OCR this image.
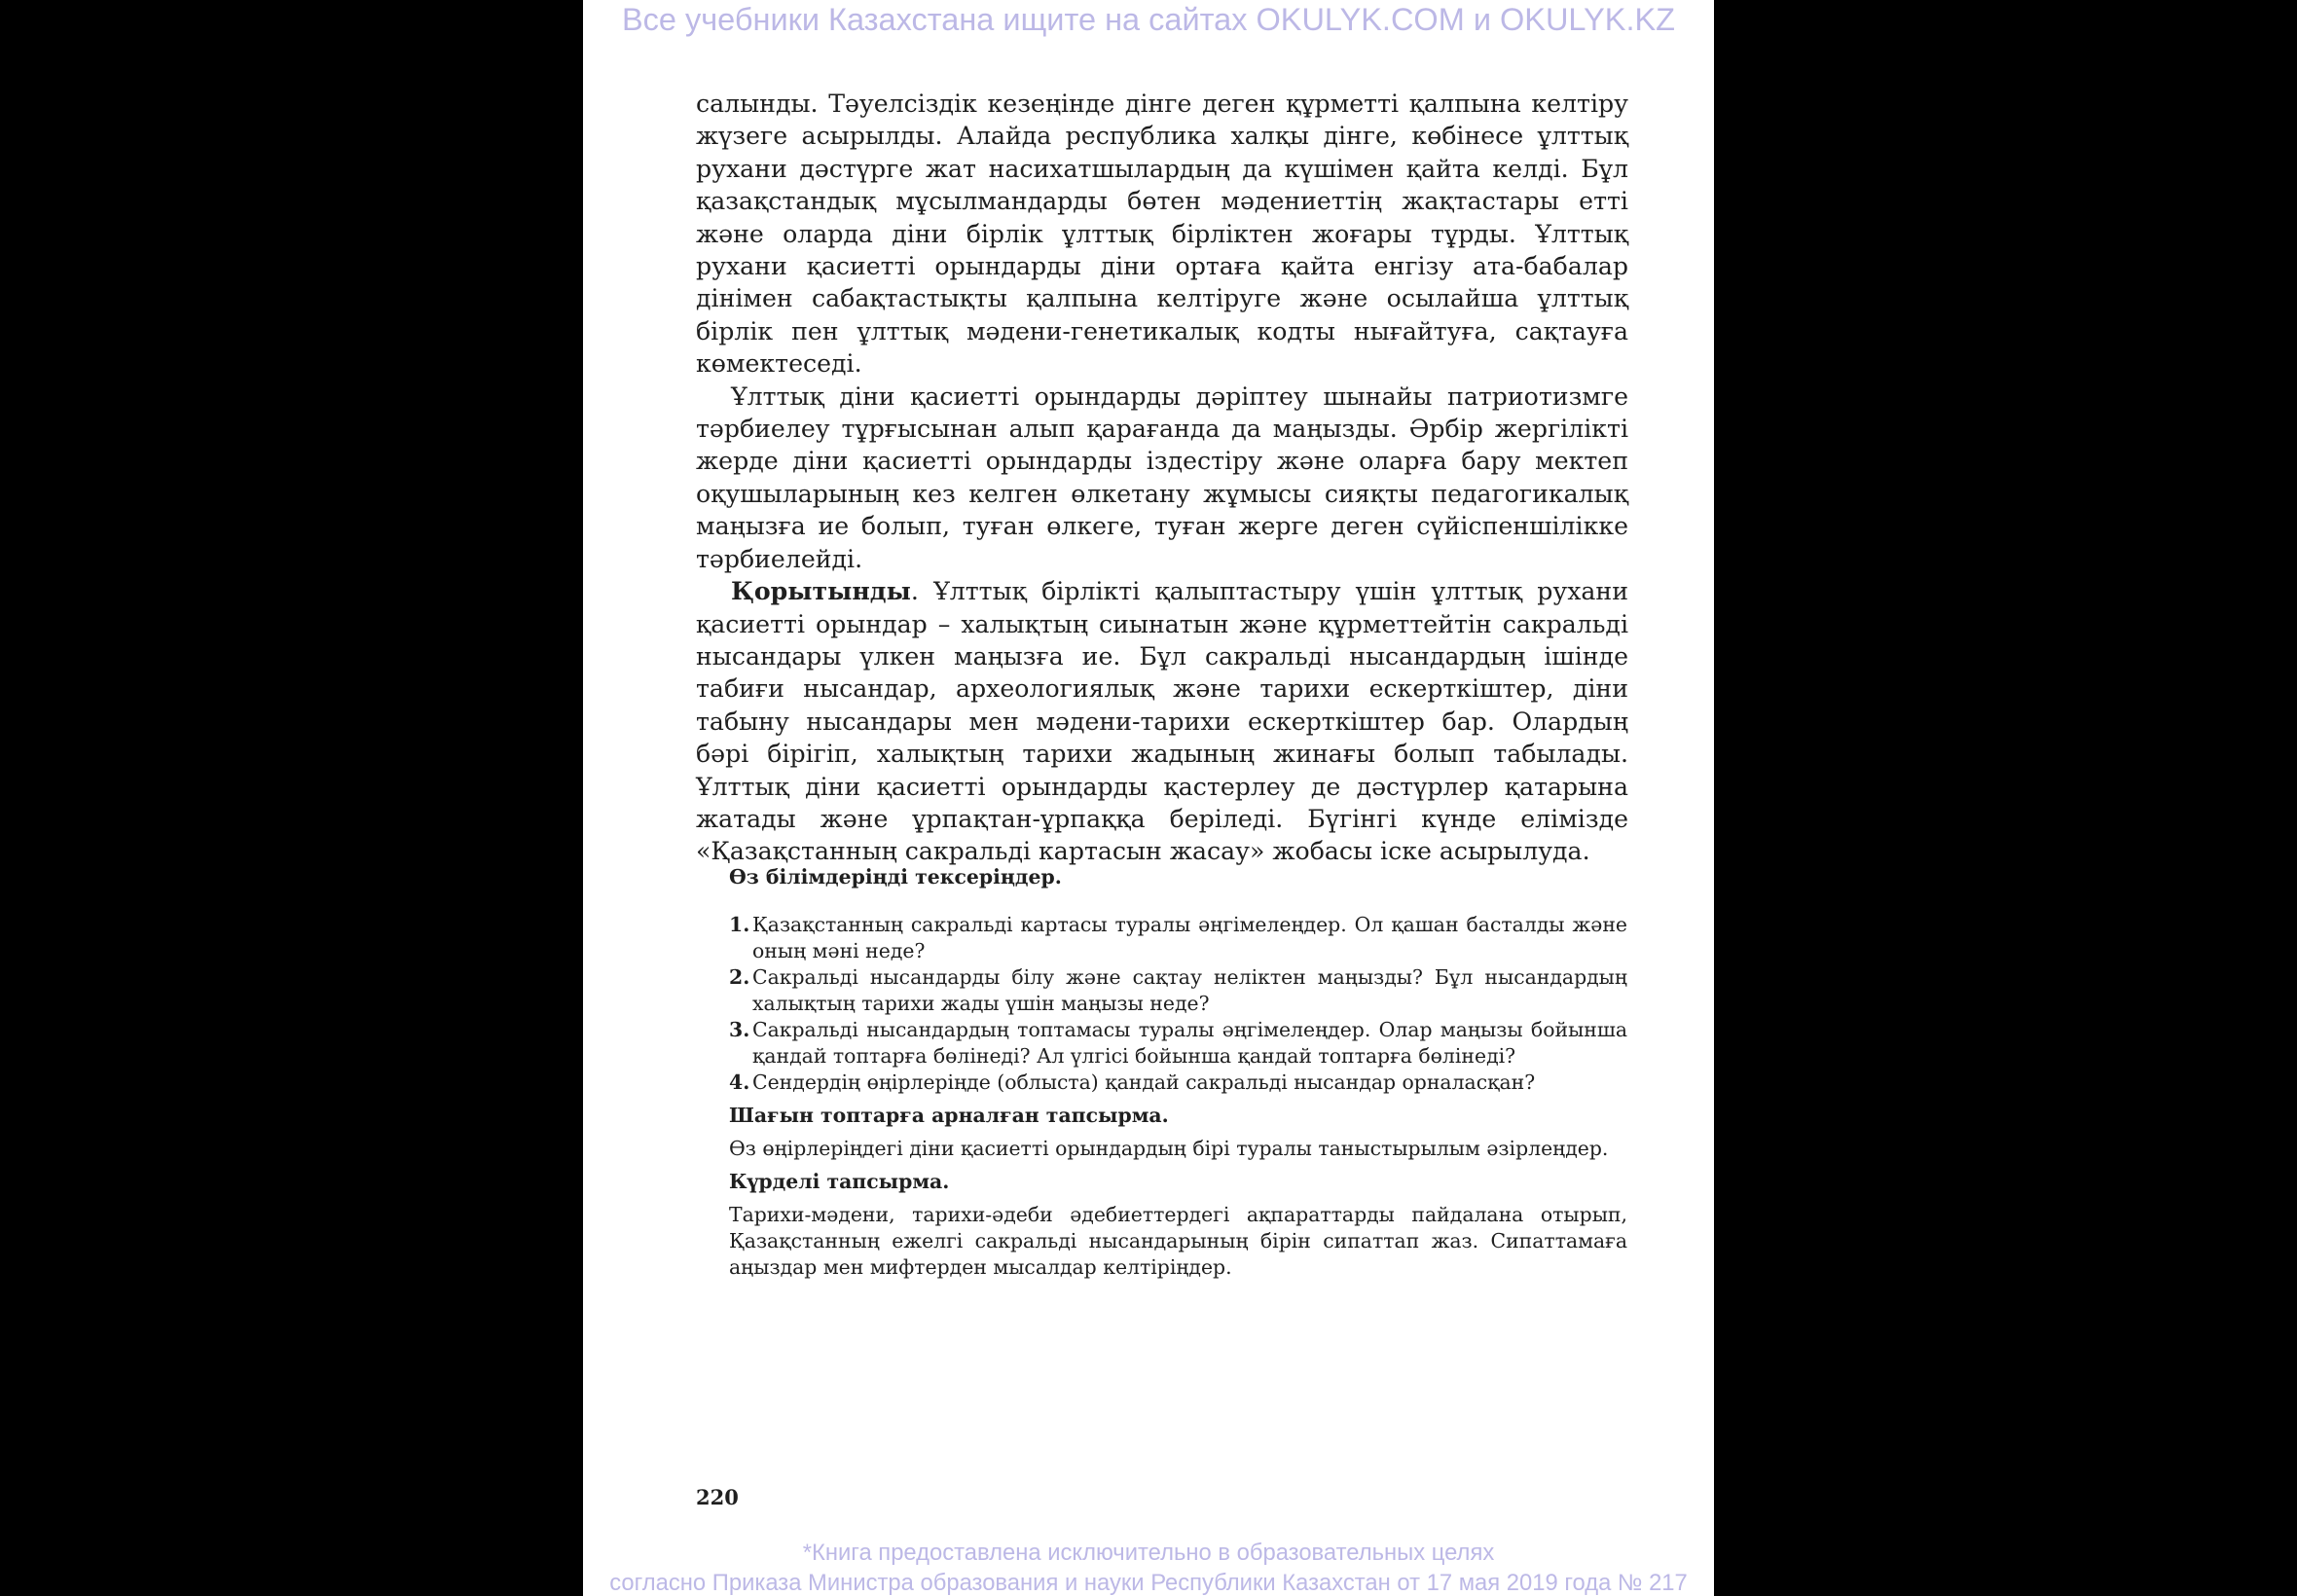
Все учебники Казахстана ищите на сайтах OKULYK.COM и OKULYK.KZ

салынды. Тәуелсіздік кезеңінде дінге деген құрметті қалпына келтіру жүзеге асырылды. Алайда республика халқы дінге, көбінесе ұлттық рухани дәстүрге жат насихатшылардың да күшімен қайта келді. Бұл қазақстандық мұсылмандарды бөтен мәдениеттің жақтастары етті және оларда діни бірлік ұлттық бірліктен жоғары тұрды. Ұлттық рухани қасиетті орындарды діни ортаға қайта енгізу ата-бабалар дінімен сабақтастықты қалпына келтіруге және осылайша ұлттық бірлік пен ұлттық мәдени-генетикалық кодты нығайтуға, сақтауға көмектеседі.

Ұлттық діни қасиетті орындарды дәріптеу шынайы патриотизмге тәрбиелеу тұрғысынан алып қарағанда да маңызды. Әрбір жергілікті жерде діни қасиетті орындарды іздестіру және оларға бару мектеп оқушыларының кез келген өлкетану жұмысы сияқты педагогикалық маңызға ие болып, туған өлкеге, туған жерге деген сүйіспеншілікке тәрбиелейді.

Қорытынды. Ұлттық бірлікті қалыптастыру үшін ұлттық рухани қасиетті орындар – халықтың сиынатын және құрметтейтін сакральді нысандары үлкен маңызға ие. Бұл сакральді нысандардың ішінде табиғи нысандар, археологиялық және тарихи ескерткіштер, діни табыну нысандары мен мәдени-тарихи ескерткіштер бар. Олардың бәрі бірігіп, халықтың тарихи жадының жинағы болып табылады. Ұлттық діни қасиетті орындарды қастерлеу де дәстүрлер қатарына жатады және ұрпақтан-ұрпаққа беріледі. Бүгінгі күнде елімізде «Қазақстанның сакральді картасын жасау» жобасы іске асырылуда.

Өз білімдеріңді тексеріңдер.

1. Қазақстанның сакральді картасы туралы әңгімелеңдер. Ол қашан басталды және оның мәні неде?
2. Сакральді нысандарды білу және сақтау неліктен маңызды? Бұл нысандардың халықтың тарихи жады үшін маңызы неде?
3. Сакральді нысандардың топтамасы туралы әңгімелеңдер. Олар маңызы бойынша қандай топтарға бөлінеді? Ал үлгісі бойынша қандай топтарға бөлінеді?
4. Сендердің өңірлеріңде (облыста) қандай сакральді нысандар орналасқан?

Шағын топтарға арналған тапсырма.

Өз өңірлеріңдегі діни қасиетті орындардың бірі туралы таныстырылым әзірлеңдер.

Күрделі тапсырма.

Тарихи-мәдени, тарихи-әдеби әдебиеттердегі ақпараттарды пайдалана отырып, Қазақстанның ежелгі сакральді нысандарының бірін сипаттап жаз. Сипаттамаға аңыздар мен мифтерден мысалдар келтіріңдер.

220
*Книга предоставлена исключительно в образовательных целях
согласно Приказа Министра образования и науки Республики Казахстан от 17 мая 2019 года № 217
